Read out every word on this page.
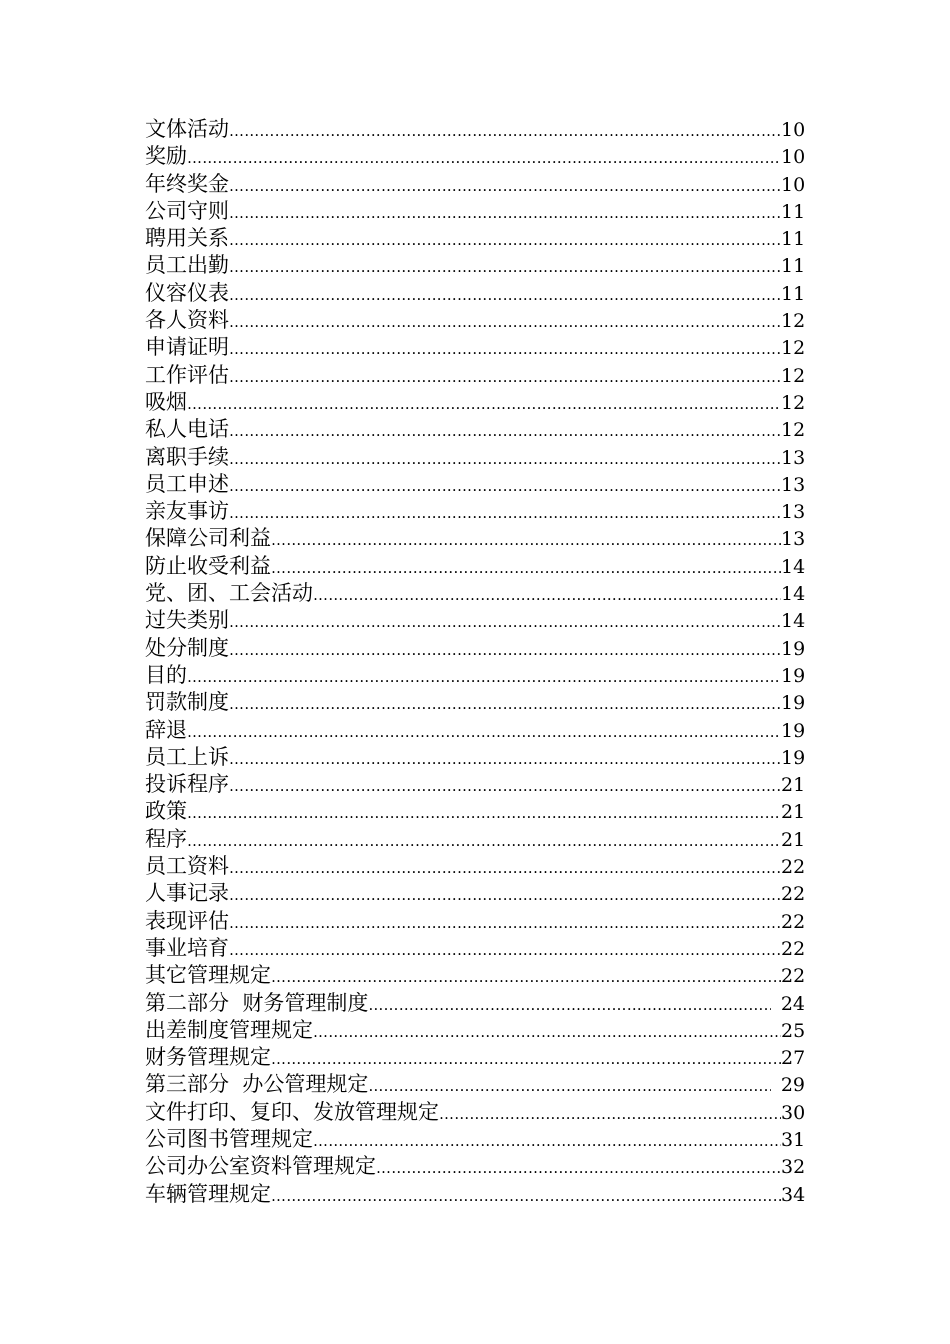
文体活动 …………………………………………………………………………………………………………………………………………………………………………………………	10
奖励 …………………………………………………………………………………………………………………………………………………………………………………………	10
年终奖金 …………………………………………………………………………………………………………………………………………………………………………………………	10
公司守则 …………………………………………………………………………………………………………………………………………………………………………………………	11
聘用关系 …………………………………………………………………………………………………………………………………………………………………………………………	11
员工出勤 …………………………………………………………………………………………………………………………………………………………………………………………	11
仪容仪表 …………………………………………………………………………………………………………………………………………………………………………………………	11
各人资料 …………………………………………………………………………………………………………………………………………………………………………………………	12
申请证明 …………………………………………………………………………………………………………………………………………………………………………………………	12
工作评估 …………………………………………………………………………………………………………………………………………………………………………………………	12
吸烟 …………………………………………………………………………………………………………………………………………………………………………………………	12
私人电话 …………………………………………………………………………………………………………………………………………………………………………………………	12
离职手续 …………………………………………………………………………………………………………………………………………………………………………………………	13
员工申述 …………………………………………………………………………………………………………………………………………………………………………………………	13
亲友事访 …………………………………………………………………………………………………………………………………………………………………………………………	13
保障公司利益 …………………………………………………………………………………………………………………………………………………………………………………………	13
防止收受利益 …………………………………………………………………………………………………………………………………………………………………………………………	14
党、团、工会活动 …………………………………………………………………………………………………………………………………………………………………………………………	14
过失类别 …………………………………………………………………………………………………………………………………………………………………………………………	14
处分制度 …………………………………………………………………………………………………………………………………………………………………………………………	19
目的 …………………………………………………………………………………………………………………………………………………………………………………………	19
罚款制度 …………………………………………………………………………………………………………………………………………………………………………………………	19
辞退 …………………………………………………………………………………………………………………………………………………………………………………………	19
员工上诉 …………………………………………………………………………………………………………………………………………………………………………………………	19
投诉程序 …………………………………………………………………………………………………………………………………………………………………………………………	21
政策 …………………………………………………………………………………………………………………………………………………………………………………………	21
程序 …………………………………………………………………………………………………………………………………………………………………………………………	21
员工资料 …………………………………………………………………………………………………………………………………………………………………………………………	22
人事记录 …………………………………………………………………………………………………………………………………………………………………………………………	22
表现评估 …………………………………………………………………………………………………………………………………………………………………………………………	22
事业培育 …………………………………………………………………………………………………………………………………………………………………………………………	22
其它管理规定 …………………………………………………………………………………………………………………………………………………………………………………………	22
第二部分  财务管理制度 …………………………………………………………………………………………………………………………………………………………………………………………	24
出差制度管理规定 …………………………………………………………………………………………………………………………………………………………………………………………	25
财务管理规定 …………………………………………………………………………………………………………………………………………………………………………………………	27
第三部分  办公管理规定 …………………………………………………………………………………………………………………………………………………………………………………………	29
文件打印、复印、发放管理规定 …………………………………………………………………………………………………………………………………………………………………………………………	30
公司图书管理规定 …………………………………………………………………………………………………………………………………………………………………………………………	31
公司办公室资料管理规定 …………………………………………………………………………………………………………………………………………………………………………………………	32
车辆管理规定 …………………………………………………………………………………………………………………………………………………………………………………………	34
